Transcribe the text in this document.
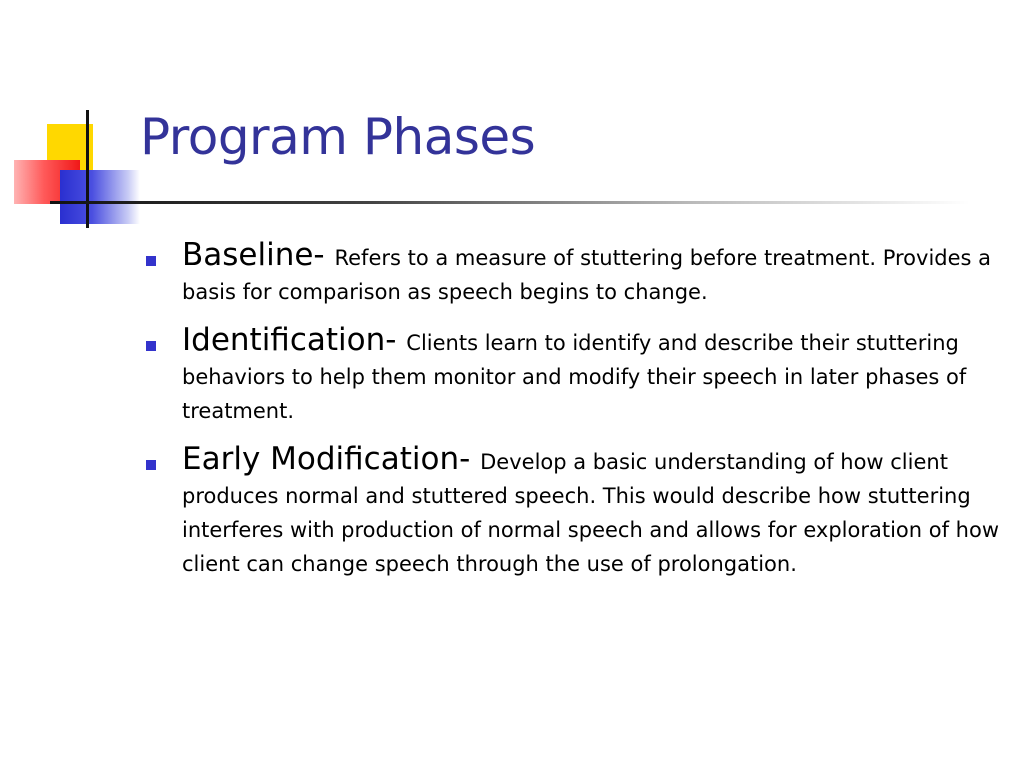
Program Phases
Baseline- Refers to a measure of stuttering before treatment. Provides a basis for comparison as speech begins to change.
Identification- Clients learn to identify and describe their stuttering behaviors to help them monitor and modify their speech in later phases of treatment.
Early Modification- Develop a basic understanding of how client produces normal and stuttered speech. This would describe how stuttering interferes with production of normal speech and allows for exploration of how client can change speech through the use of prolongation.
